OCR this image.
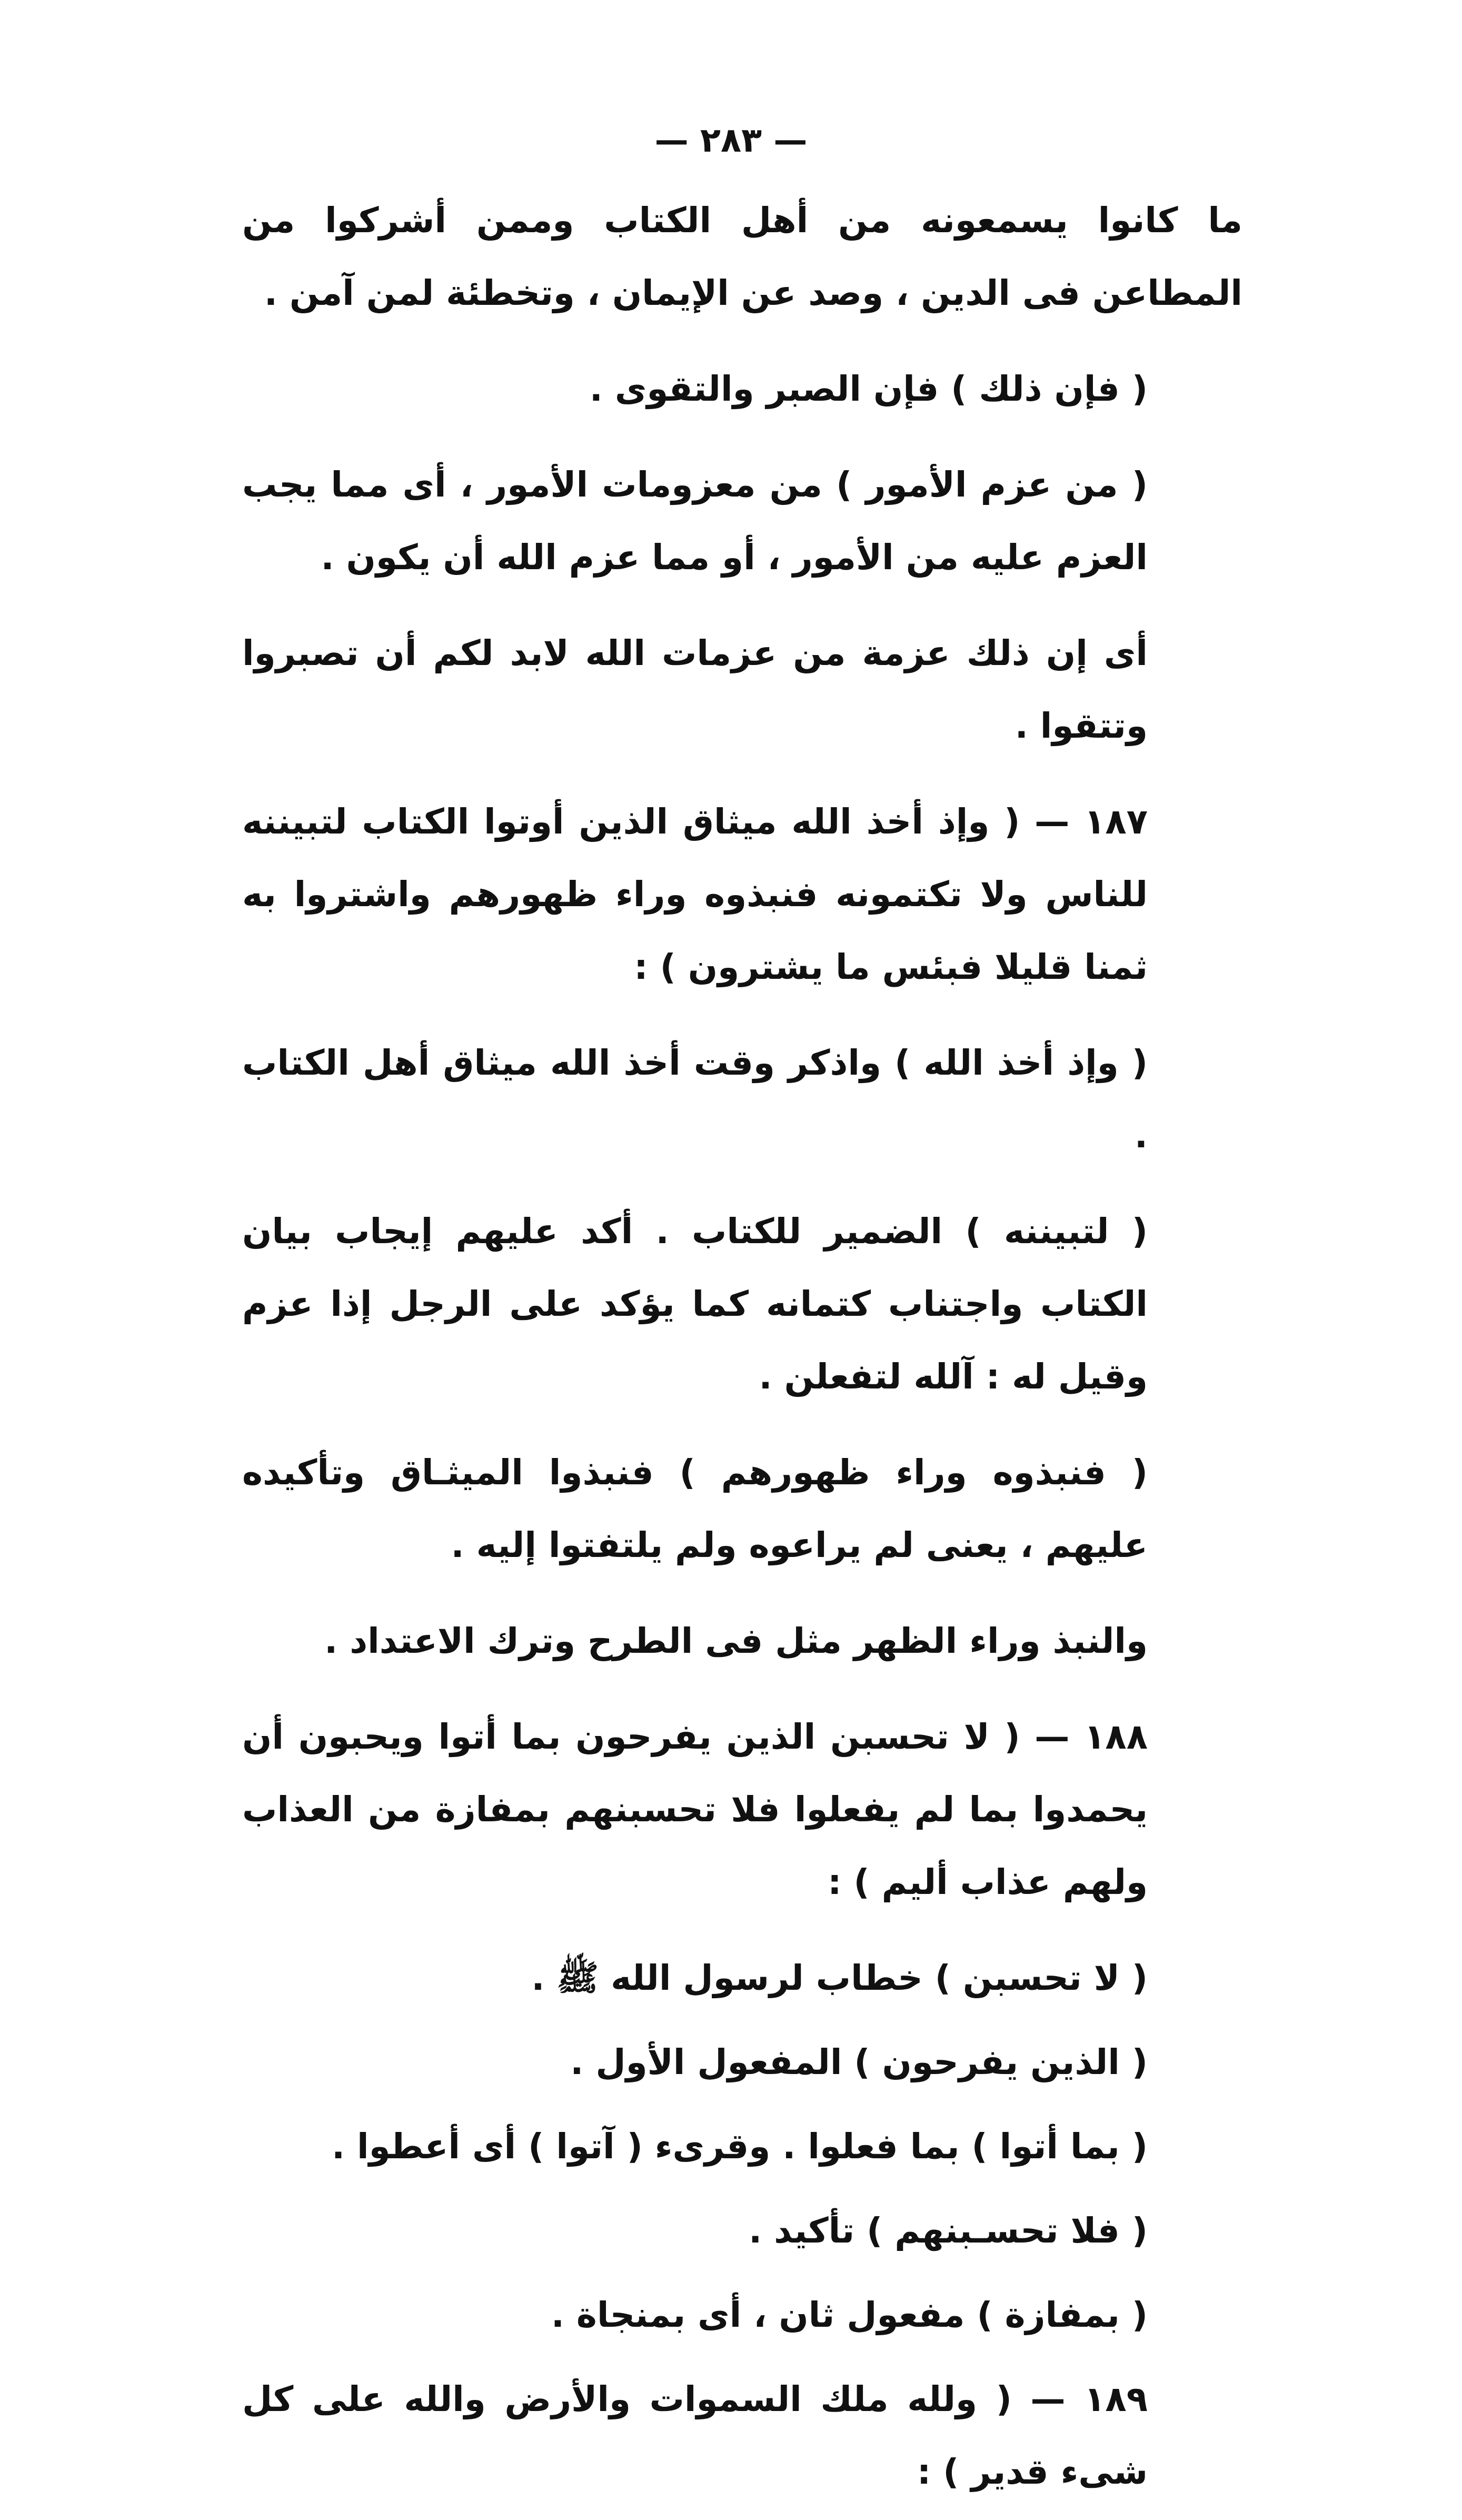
— ٢٨٣ —

ما كانوا يسمعونه من أهل الكتاب وممن أشركوا من المطاعن فى الدين ، وصد عن الإيمان ، وتخطئة لمن آمن .

( فإن ذلك ) فإن الصبر والتقوى .

( من عزم الأمور ) من معزومات الأمور ، أى مما يجب العزم عليه من الأمور ، أو مما عزم الله أن يكون .

أى إن ذلك عزمة من عزمات الله لابد لكم أن تصبروا وتتقوا .

١٨٧ — ( وإذ أخذ الله ميثاق الذين أوتوا الكتاب لتبيننه للناس ولا تكتمونه فنبذوه وراء ظهورهم واشتروا به ثمنا قليلا فبئس ما يشترون ) :

( وإذ أخذ الله ) واذكر وقت أخذ الله ميثاق أهل الكتاب .

( لتبيننه ) الضمير للكتاب . أكد عليهم إيجاب بيان الكتاب واجتناب كتمانه كما يؤكد على الرجل إذا عزم وقيل له : آلله لتفعلن .

( فنبذوه وراء ظهورهم ) فنبذوا الميثـاق وتأكيده عليهم ، يعنى لم يراعوه ولم يلتفتوا إليه .

والنبذ وراء الظهر مثل فى الطرح وترك الاعتداد .

١٨٨ — ( لا تحسبن الذين يفرحون بما أتوا ويحبون أن يحمدوا بما لم يفعلوا فلا تحسبنهم بمفازة من العذاب ولهم عذاب أليم ) :

( لا تحسبن ) خطاب لرسول الله ﷺ .

( الذين يفرحون ) المفعول الأول .

( بما أتوا ) بما فعلوا . وقرىء ( آتوا ) أى أعطوا .

( فلا تحسـبنهم ) تأكيد .

( بمفازة ) مفعول ثان ، أى بمنجاة .

١٨٩ — ( ولله ملك السموات والأرض والله على كل شىء قدير ) :
